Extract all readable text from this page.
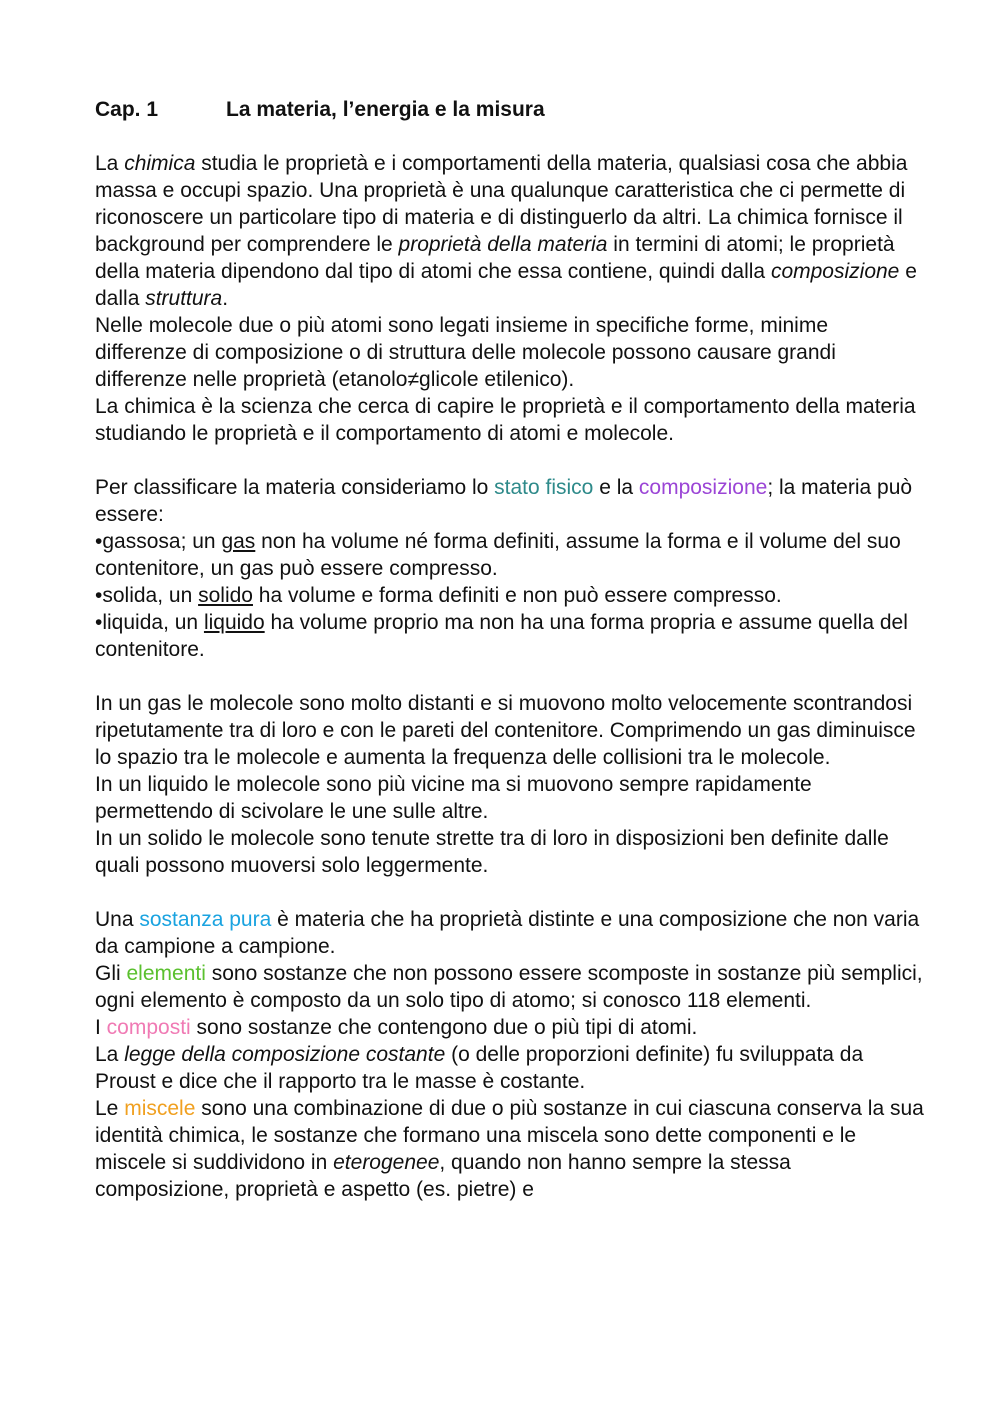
Cap. 1	La materia, l’energia e la misura

La chimica studia le proprietà e i comportamenti della materia, qualsiasi cosa che abbia massa e occupi spazio. Una proprietà è una qualunque caratteristica che ci permette di riconoscere un particolare tipo di materia e di distinguerlo da altri. La chimica fornisce il background per comprendere le proprietà della materia in termini di atomi; le proprietà della materia dipendono dal tipo di atomi che essa contiene, quindi dalla composizione e dalla struttura.

Nelle molecole due o più atomi sono legati insieme in specifiche forme, minime differenze di composizione o di struttura delle molecole possono causare grandi differenze nelle proprietà (etanolo≠glicole etilenico).

La chimica è la scienza che cerca di capire le proprietà e il comportamento della materia studiando le proprietà e il comportamento di atomi e molecole.

Per classificare la materia consideriamo lo stato fisico e la composizione; la materia può essere:

•gassosa; un gas non ha volume né forma definiti, assume la forma e il volume del suo contenitore, un gas può essere compresso.

•solida, un solido ha volume e forma definiti e non può essere compresso.

•liquida, un liquido ha volume proprio ma non ha una forma propria e assume quella del contenitore.

In un gas le molecole sono molto distanti e si muovono molto velocemente scontrandosi ripetutamente tra di loro e con le pareti del contenitore. Comprimendo un gas diminuisce lo spazio tra le molecole e aumenta la frequenza delle collisioni tra le molecole.

In un liquido le molecole sono più vicine ma si muovono sempre rapidamente permettendo di scivolare le une sulle altre.

In un solido le molecole sono tenute strette tra di loro in disposizioni ben definite dalle quali possono muoversi solo leggermente.

Una sostanza pura è materia che ha proprietà distinte e una composizione che non varia da campione a campione.

Gli elementi sono sostanze che non possono essere scomposte in sostanze più semplici, ogni elemento è composto da un solo tipo di atomo; si conosco 118 elementi.

I composti sono sostanze che contengono due o più tipi di atomi.

La legge della composizione costante (o delle proporzioni definite) fu sviluppata da Proust e dice che il rapporto tra le masse è costante.

Le miscele sono una combinazione di due o più sostanze in cui ciascuna conserva la sua identità chimica, le sostanze che formano una miscela sono dette componenti e le miscele si suddividono in eterogenee, quando non hanno sempre la stessa composizione, proprietà e aspetto (es. pietre) e
